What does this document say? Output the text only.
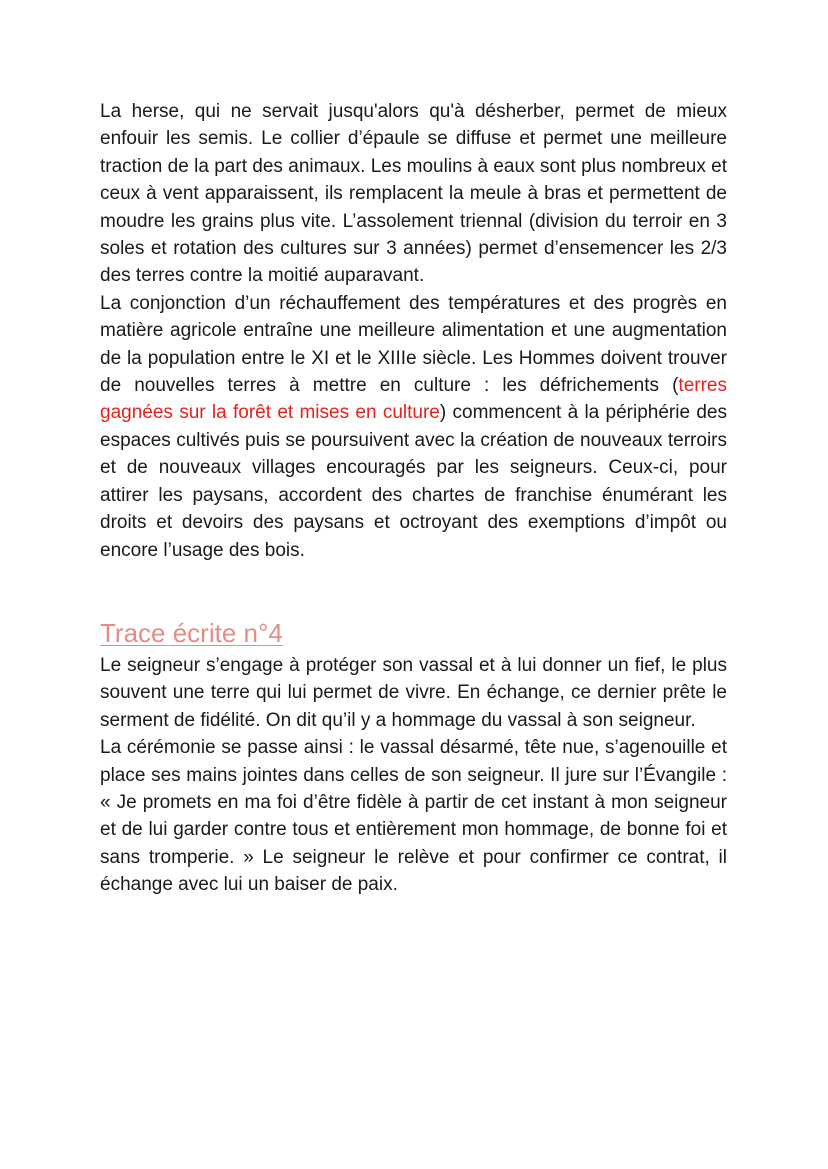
La herse, qui ne servait jusqu'alors qu'à désherber, permet de mieux enfouir les semis. Le collier d’épaule se diffuse et permet une meilleure traction de la part des animaux. Les moulins à eaux sont plus nombreux et ceux à vent apparaissent, ils remplacent la meule à bras et permettent de moudre les grains plus vite. L’assolement triennal (division du terroir en 3 soles et rotation des cultures sur 3 années) permet d’ensemencer les 2/3 des terres contre la moitié auparavant.

La conjonction d’un réchauffement des températures et des progrès en matière agricole entraîne une meilleure alimentation et une augmentation de la population entre le XI et le XIIIe siècle. Les Hommes doivent trouver de nouvelles terres à mettre en culture : les défrichements (terres gagnées sur la forêt et mises en culture) commencent à la périphérie des espaces cultivés puis se poursuivent avec la création de nouveaux terroirs et de nouveaux villages encouragés par les seigneurs. Ceux-ci, pour attirer les paysans, accordent des chartes de franchise énumérant les droits et devoirs des paysans et octroyant des exemptions d’impôt ou encore l’usage des bois.

Trace écrite n°4

Le seigneur s’engage à protéger son vassal et à lui donner un fief, le plus souvent une terre qui lui permet de vivre. En échange, ce dernier prête le serment de fidélité. On dit qu’il y a hommage du vassal à son seigneur.

La cérémonie se passe ainsi : le vassal désarmé, tête nue, s’agenouille et place ses mains jointes dans celles de son seigneur. Il jure sur l’Évangile : « Je promets en ma foi d’être fidèle à partir de cet instant à mon seigneur et de lui garder contre tous et entièrement mon hommage, de bonne foi et sans tromperie. » Le seigneur le relève et pour confirmer ce contrat, il échange avec lui un baiser de paix.
